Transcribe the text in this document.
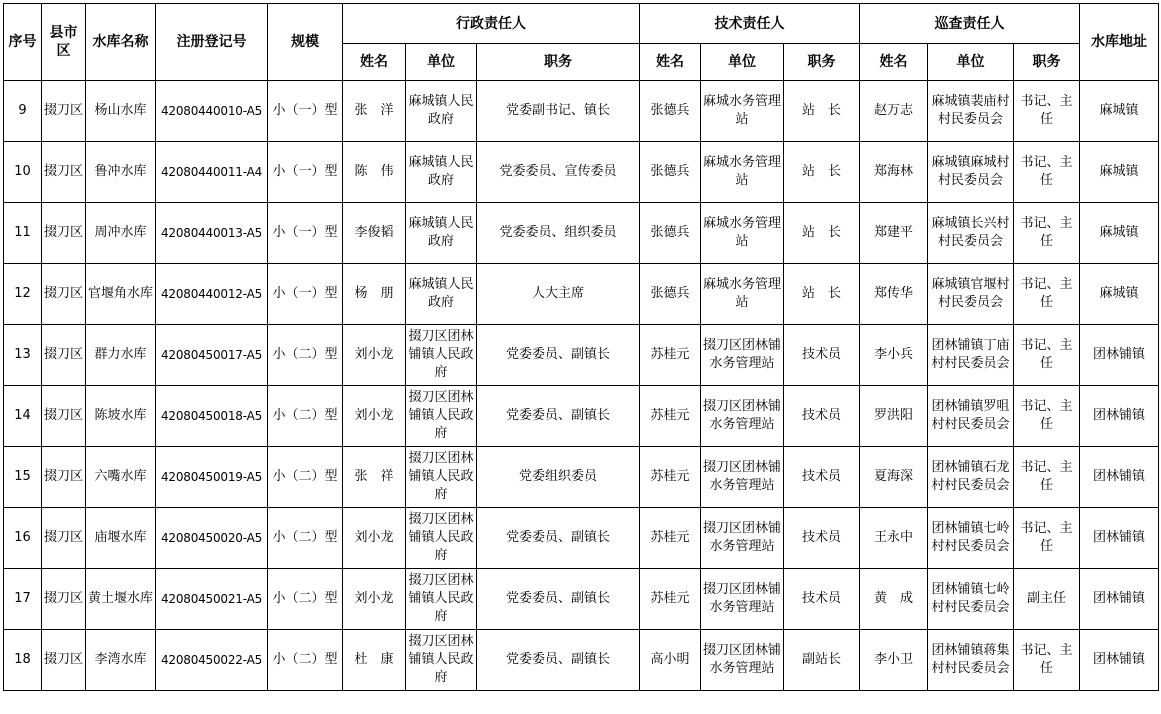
序号	县市区	水库名称	注册登记号	规模	行政责任人			技术责任人			巡查责任人			水库地址
					姓名	单位	职务	姓名	单位	职务	姓名	单位	职务	
9	掇刀区	杨山水库	42080440010-A5	小（一）型	张　洋	麻城镇人民政府	党委副书记、镇长	张德兵	麻城水务管理站	站　长	赵万志	麻城镇裴庙村村民委员会	书记、主任	麻城镇
10	掇刀区	鲁冲水库	42080440011-A4	小（一）型	陈　伟	麻城镇人民政府	党委委员、宣传委员	张德兵	麻城水务管理站	站　长	郑海林	麻城镇麻城村村民委员会	书记、主任	麻城镇
11	掇刀区	周冲水库	42080440013-A5	小（一）型	李俊韬	麻城镇人民政府	党委委员、组织委员	张德兵	麻城水务管理站	站　长	郑建平	麻城镇长兴村村民委员会	书记、主任	麻城镇
12	掇刀区	官堰角水库	42080440012-A5	小（一）型	杨　朋	麻城镇人民政府	人大主席	张德兵	麻城水务管理站	站　长	郑传华	麻城镇官堰村村民委员会	书记、主任	麻城镇
13	掇刀区	群力水库	42080450017-A5	小（二）型	刘小龙	掇刀区团林铺镇人民政府	党委委员、副镇长	苏桂元	掇刀区团林铺水务管理站	技术员	李小兵	团林铺镇丁庙村村民委员会	书记、主任	团林铺镇
14	掇刀区	陈坡水库	42080450018-A5	小（二）型	刘小龙	掇刀区团林铺镇人民政府	党委委员、副镇长	苏桂元	掇刀区团林铺水务管理站	技术员	罗洪阳	团林铺镇罗咀村村民委员会	书记、主任	团林铺镇
15	掇刀区	六嘴水库	42080450019-A5	小（二）型	张　祥	掇刀区团林铺镇人民政府	党委组织委员	苏桂元	掇刀区团林铺水务管理站	技术员	夏海深	团林铺镇石龙村村民委员会	书记、主任	团林铺镇
16	掇刀区	庙堰水库	42080450020-A5	小（二）型	刘小龙	掇刀区团林铺镇人民政府	党委委员、副镇长	苏桂元	掇刀区团林铺水务管理站	技术员	王永中	团林铺镇七岭村村民委员会	书记、主任	团林铺镇
17	掇刀区	黄土堰水库	42080450021-A5	小（二）型	刘小龙	掇刀区团林铺镇人民政府	党委委员、副镇长	苏桂元	掇刀区团林铺水务管理站	技术员	黄　成	团林铺镇七岭村村民委员会	副主任	团林铺镇
18	掇刀区	李湾水库	42080450022-A5	小（二）型	杜　康	掇刀区团林铺镇人民政府	党委委员、副镇长	高小明	掇刀区团林铺水务管理站	副站长	李小卫	团林铺镇蒋集村村民委员会	书记、主任	团林铺镇
